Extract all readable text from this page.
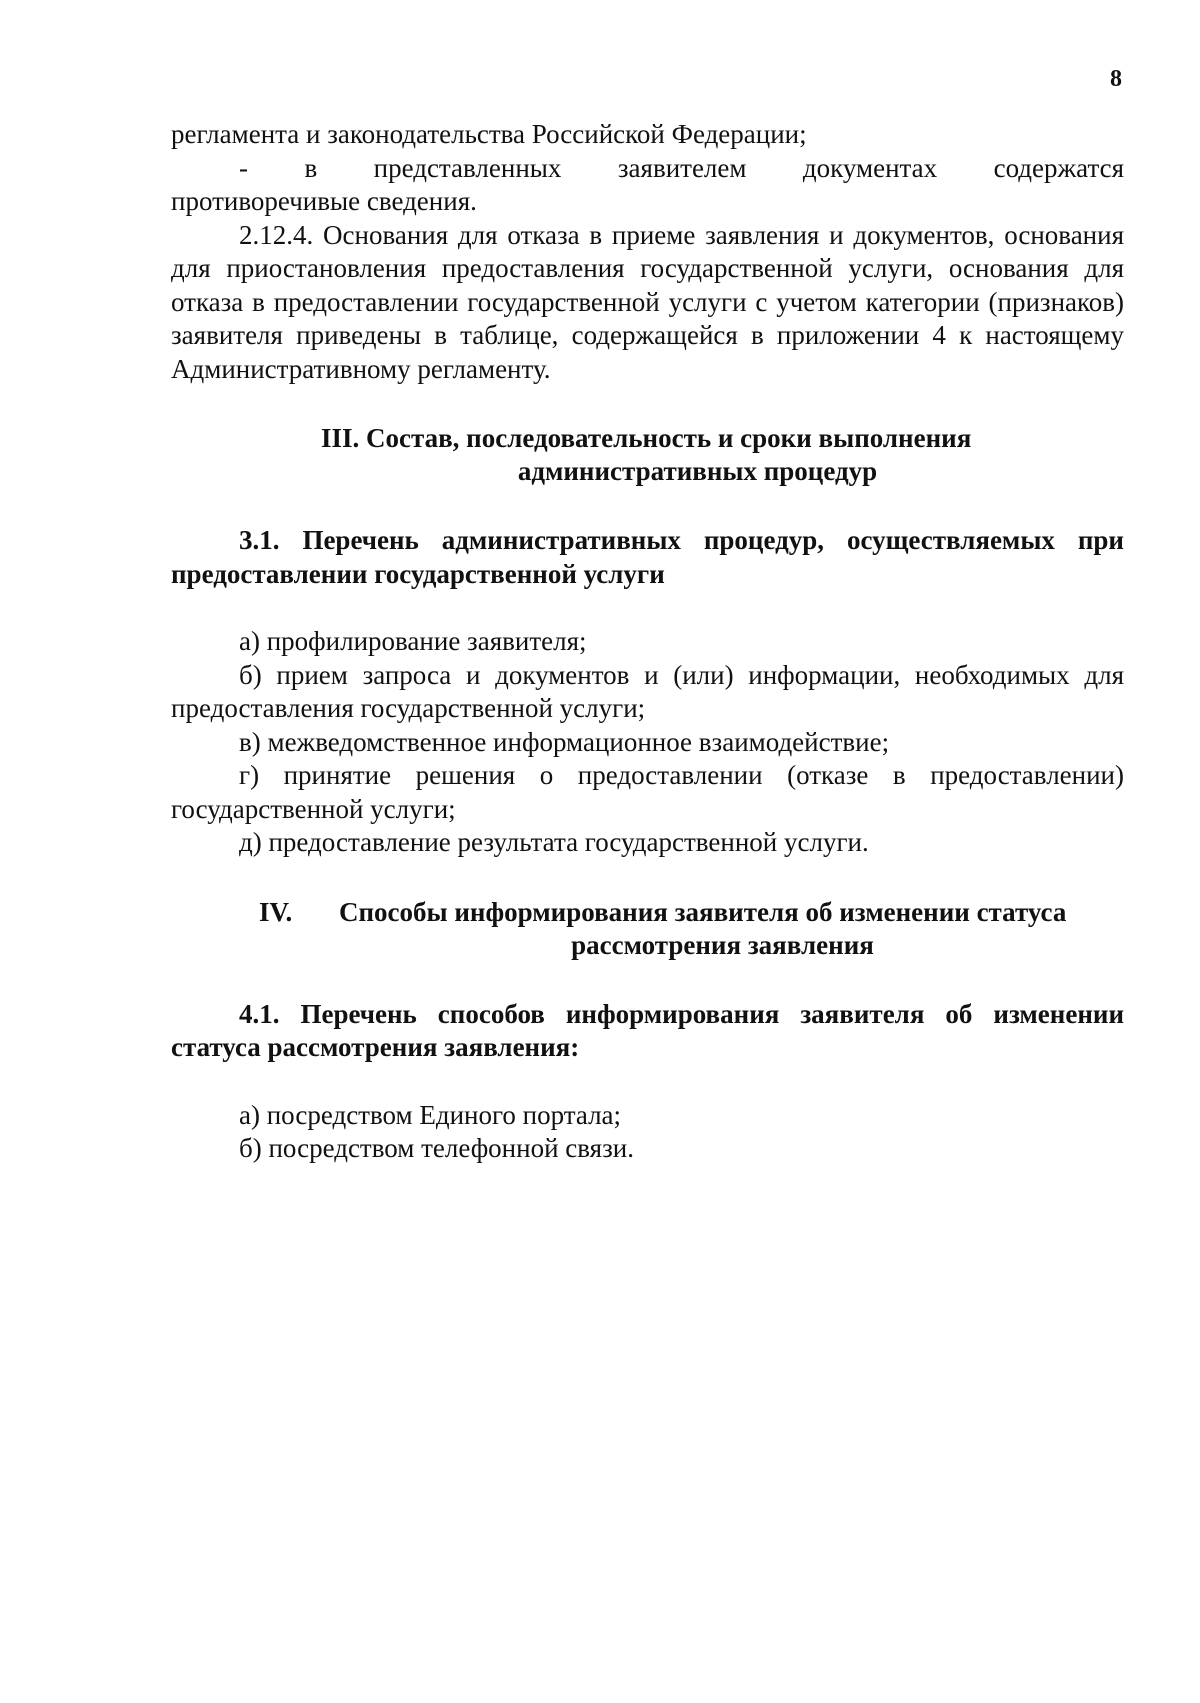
8

регламента и законодательства Российской Федерации;

- в представленных заявителем документах содержатся

противоречивые сведения.

2.12.4. Основания для отказа в приеме заявления и документов, основания для приостановления предоставления государственной услуги, основания для отказа в предоставлении государственной услуги с учетом категории (признаков) заявителя приведены в таблице, содержащейся в приложении 4 к настоящему Административному регламенту.

III. Состав, последовательность и сроки выполнения
административных процедур

3.1. Перечень административных процедур, осуществляемых при предоставлении государственной услуги

а) профилирование заявителя;

б) прием запроса и документов и (или) информации, необходимых для предоставления государственной услуги;

в) межведомственное информационное взаимодействие;

г) принятие решения о предоставлении (отказе в предоставлении) государственной услуги;

д) предоставление результата государственной услуги.

IV.	Способы информирования заявителя об изменении статуса
рассмотрения заявления

4.1. Перечень способов информирования заявителя об изменении статуса рассмотрения заявления:

а) посредством Единого портала;

б) посредством телефонной связи.
